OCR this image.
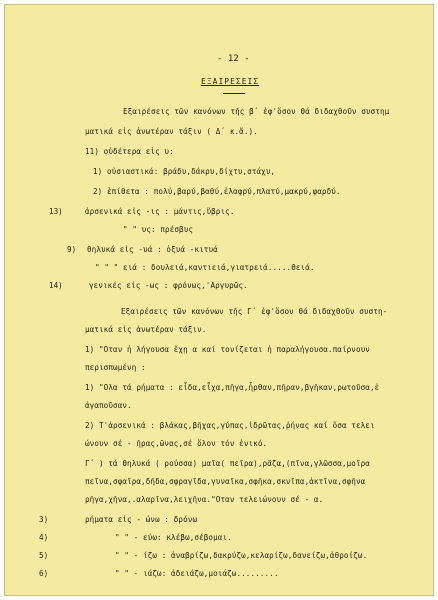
- 12 -
ΕΞΑΙΡΕΣΕΙΣ
Εξαιρέσεις τῶν κανόνων τῆς β΄ ἐφ'ὅσον θά διδαχθοῦν συστημ
ματικά εἰς ἀνωτέραν τάξιν ( Δ΄ κ.ἄ.).
11) οὐδέτερα εἰς υ:
1) οὐσιαστικά: βράδυ,δάκρυ,δίχτυ,στάχυ,
2) ἐπίθετα : πολύ,βαρύ,βαθύ,ἐλαφρύ,πλατύ,μακρύ,φαρδύ.
13)	ἀρσενικά εἰς -ις : μάντις,ὕβρις.
" " υς: πρέσβυς
9) θηλυκά εἰς -υά : ὀξυά -κιτυά
" " " ειά : δουλειά,καντιειά,γιατρειά.....θειά.
14)	γενικές εἰς -ως : φρόνως,'Αργυρῶς.
Εξαιρέσεις τῶν κανόνων τῆς Γ΄ ἐφ'ὅσον θά διδαχθοῦν συστη-
ματικά εἰς ἀνωτέραν τάξιν.
1) "Οταν ἡ λήγουσα ἔχῃ α καί τονίζεται ἡ παραλήγουσα.παίρνουν
περισπωμένη :
1) "Ολα τά ρήματα : εἶδα,εἶχα,πῆγα,ἦρθαν,πῆραν,βγῆκαν,ρωτοῦσα,ἐ
ἀγαποῦσαν.
2) Τ'ἀρσενικά : βλάκας,βῆχας,γύπας,ἱδρῶτας,ῥήνας καί ὅσα τελει
ώνουν σέ - ῆρας,ῶνας,σέ ὅλον τόν ἑνικό.
Γ΄ ) τά θηλυκά ( ρούσσα) μαῖα( πεῖρα),ρᾶζα,(πῖνα,γλῶσσα,μοῖρα
πεῖνα,σφαῖρα,δῆδα,σφραγῖδα,γυναῖκα,σφῆκα,σκνῖπα,ἀκτῖνα,σφῆνα
ρῆγα,χῆνα,.αλαρῖνα,λειχῆνα."Οταν τελειώνουν σέ - α.
3)	ρήματα εἰς - ώνω : δρόνω
4)	" " - εύω: κλέβω,σέβομαι.
5)	" " - ίζω : ἀναβρίζω,δακρύζω,κελαρίζω,δανείζω,ἀθροίζω.
6)	" " - ιάζω: ἀδειάζω,μοιάζω.........
